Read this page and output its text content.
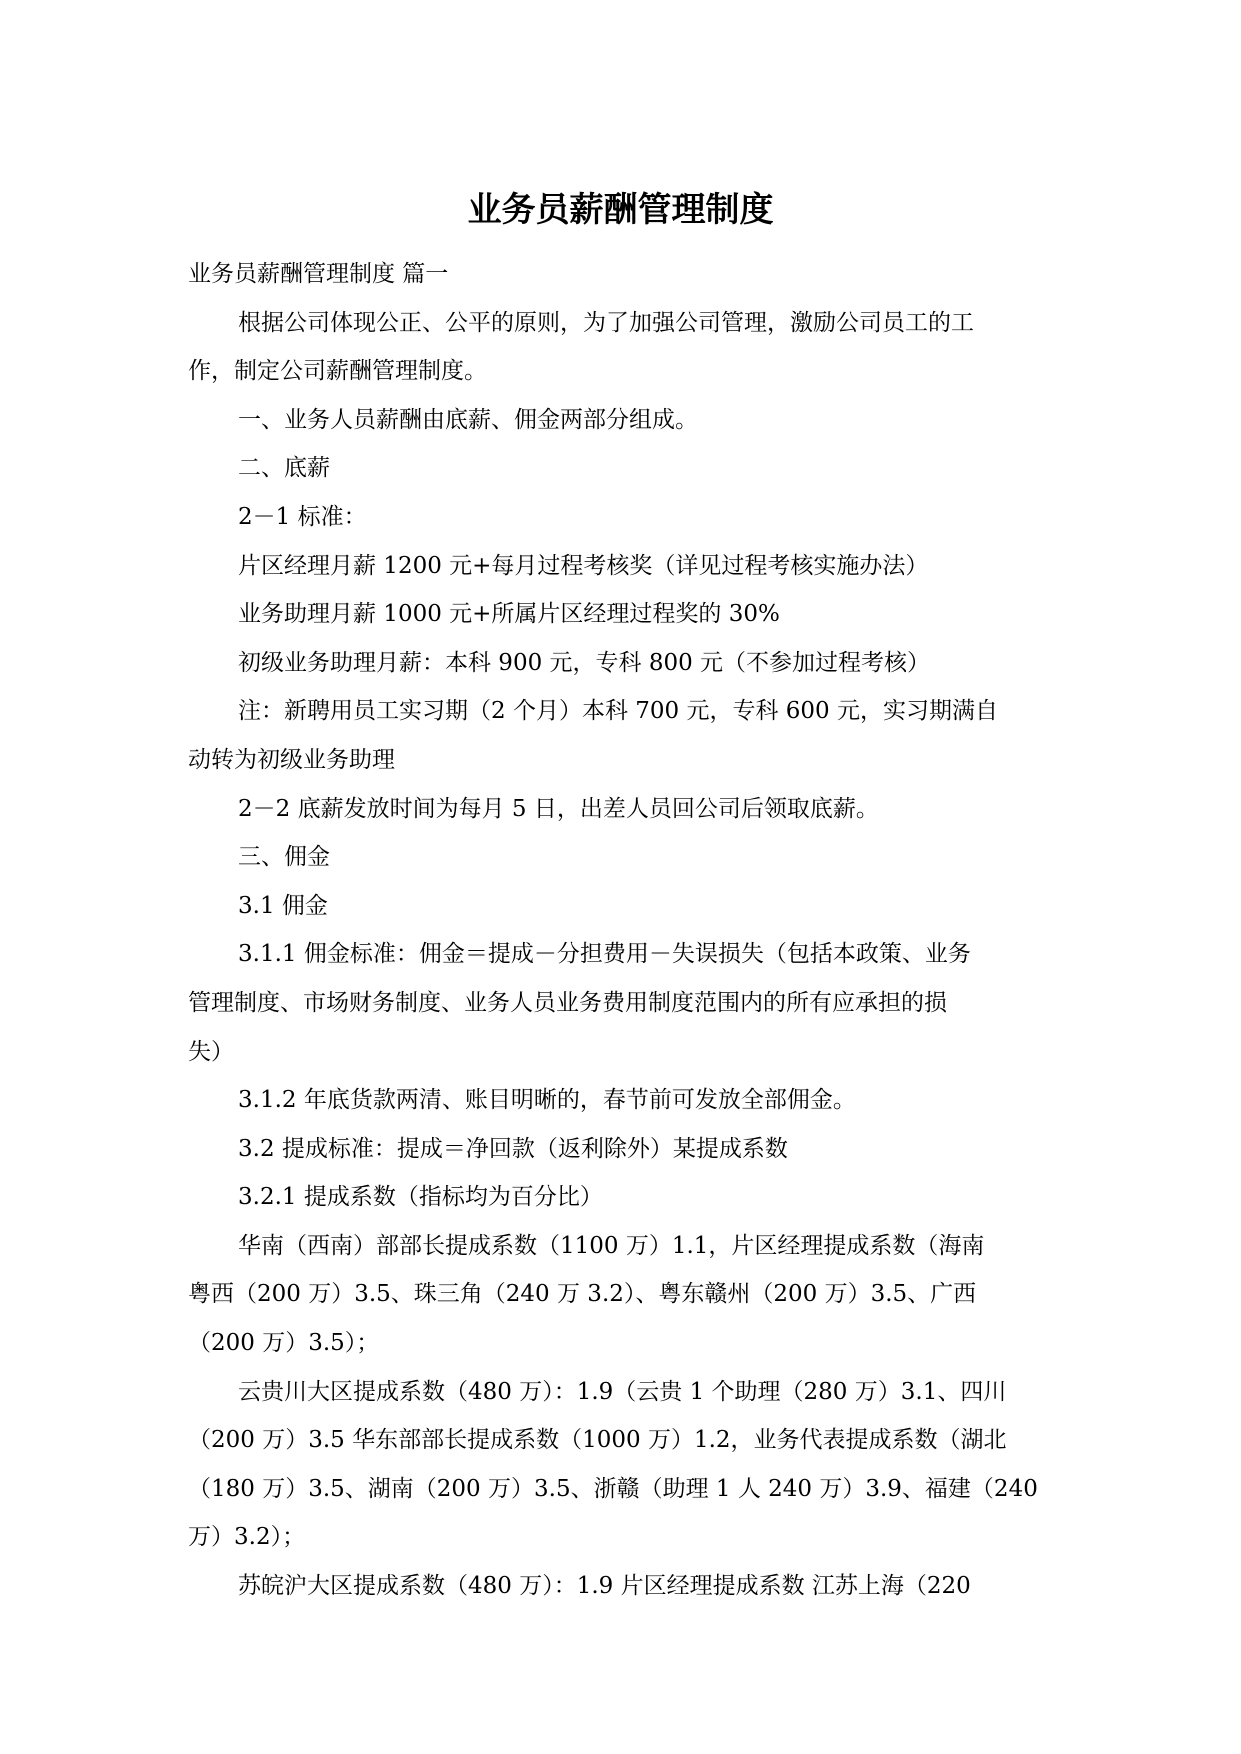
业务员薪酬管理制度

业务员薪酬管理制度 篇一

根据公司体现公正、公平的原则，为了加强公司管理，激励公司员工的工

作，制定公司薪酬管理制度。

一、业务人员薪酬由底薪、佣金两部分组成。

二、底薪

2－1 标准：

片区经理月薪 1200 元+每月过程考核奖（详见过程考核实施办法）

业务助理月薪 1000 元+所属片区经理过程奖的 30%

初级业务助理月薪：本科 900 元，专科 800 元（不参加过程考核）

注：新聘用员工实习期（2 个月）本科 700 元，专科 600 元，实习期满自

动转为初级业务助理

2－2 底薪发放时间为每月 5 日，出差人员回公司后领取底薪。

三、佣金

3.1 佣金

3.1.1 佣金标准：佣金＝提成－分担费用－失误损失（包括本政策、业务

管理制度、市场财务制度、业务人员业务费用制度范围内的所有应承担的损

失）

3.1.2 年底货款两清、账目明晰的，春节前可发放全部佣金。

3.2 提成标准：提成＝净回款（返利除外）某提成系数

3.2.1 提成系数（指标均为百分比）

华南（西南）部部长提成系数（1100 万）1.1，片区经理提成系数（海南

粤西（200 万）3.5、珠三角（240 万 3.2）、粤东赣州（200 万）3.5、广西

（200 万）3.5）；

云贵川大区提成系数（480 万）：1.9（云贵 1 个助理（280 万）3.1、四川

（200 万）3.5 华东部部长提成系数（1000 万）1.2，业务代表提成系数（湖北

（180 万）3.5、湖南（200 万）3.5、浙赣（助理 1 人 240 万）3.9、福建（240

万）3.2）；

苏皖沪大区提成系数（480 万）：1.9 片区经理提成系数 江苏上海（220
